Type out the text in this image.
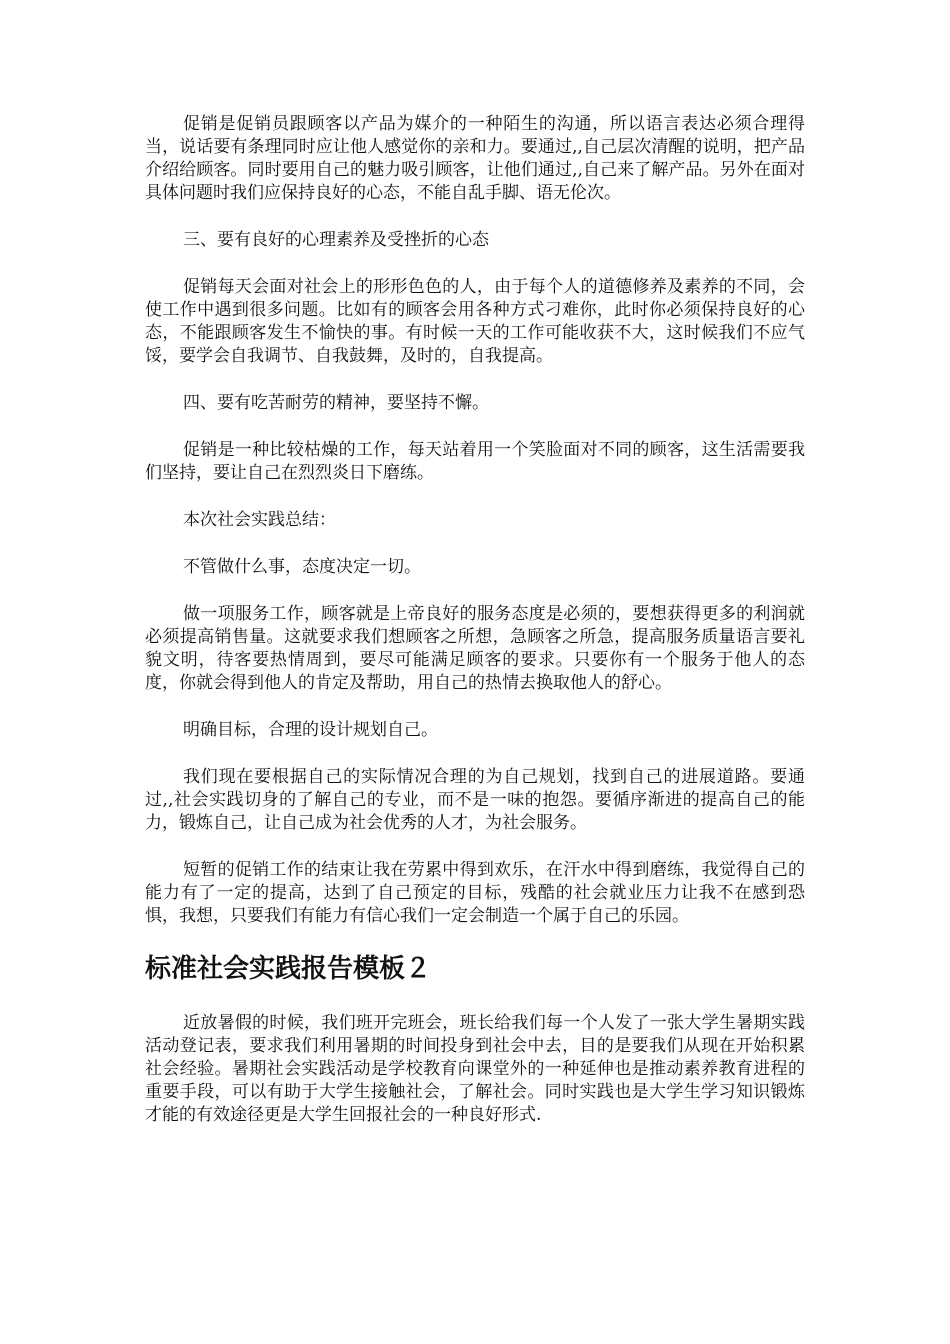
促销是促销员跟顾客以产品为媒介的一种陌生的沟通，所以语言表达必须合理得当，说话要有条理同时应让他人感觉你的亲和力。要通过,,自己层次清醒的说明，把产品介绍给顾客。同时要用自己的魅力吸引顾客，让他们通过,,自己来了解产品。另外在面对具体问题时我们应保持良好的心态，不能自乱手脚、语无伦次。

三、要有良好的心理素养及受挫折的心态

促销每天会面对社会上的形形色色的人，由于每个人的道德修养及素养的不同，会使工作中遇到很多问题。比如有的顾客会用各种方式刁难你，此时你必须保持良好的心态，不能跟顾客发生不愉快的事。有时候一天的工作可能收获不大，这时候我们不应气馁，要学会自我调节、自我鼓舞，及时的，自我提高。

四、要有吃苦耐劳的精神，要坚持不懈。

促销是一种比较枯燥的工作，每天站着用一个笑脸面对不同的顾客，这生活需要我们坚持，要让自己在烈烈炎日下磨练。

本次社会实践总结：

不管做什么事，态度决定一切。

做一项服务工作，顾客就是上帝良好的服务态度是必须的，要想获得更多的利润就必须提高销售量。这就要求我们想顾客之所想，急顾客之所急，提高服务质量语言要礼貌文明，待客要热情周到，要尽可能满足顾客的要求。只要你有一个服务于他人的态度，你就会得到他人的肯定及帮助，用自己的热情去换取他人的舒心。

明确目标，合理的设计规划自己。

我们现在要根据自己的实际情况合理的为自己规划，找到自己的进展道路。要通过,,社会实践切身的了解自己的专业，而不是一味的抱怨。要循序渐进的提高自己的能力，锻炼自己，让自己成为社会优秀的人才，为社会服务。

短暂的促销工作的结束让我在劳累中得到欢乐，在汗水中得到磨练，我觉得自己的能力有了一定的提高，达到了自己预定的目标，残酷的社会就业压力让我不在感到恐惧，我想，只要我们有能力有信心我们一定会制造一个属于自己的乐园。

标准社会实践报告模板２

近放暑假的时候，我们班开完班会，班长给我们每一个人发了一张大学生暑期实践活动登记表，要求我们利用暑期的时间投身到社会中去，目的是要我们从现在开始积累社会经验。暑期社会实践活动是学校教育向课堂外的一种延伸也是推动素养教育进程的重要手段，可以有助于大学生接触社会，了解社会。同时实践也是大学生学习知识锻炼才能的有效途径更是大学生回报社会的一种良好形式.
